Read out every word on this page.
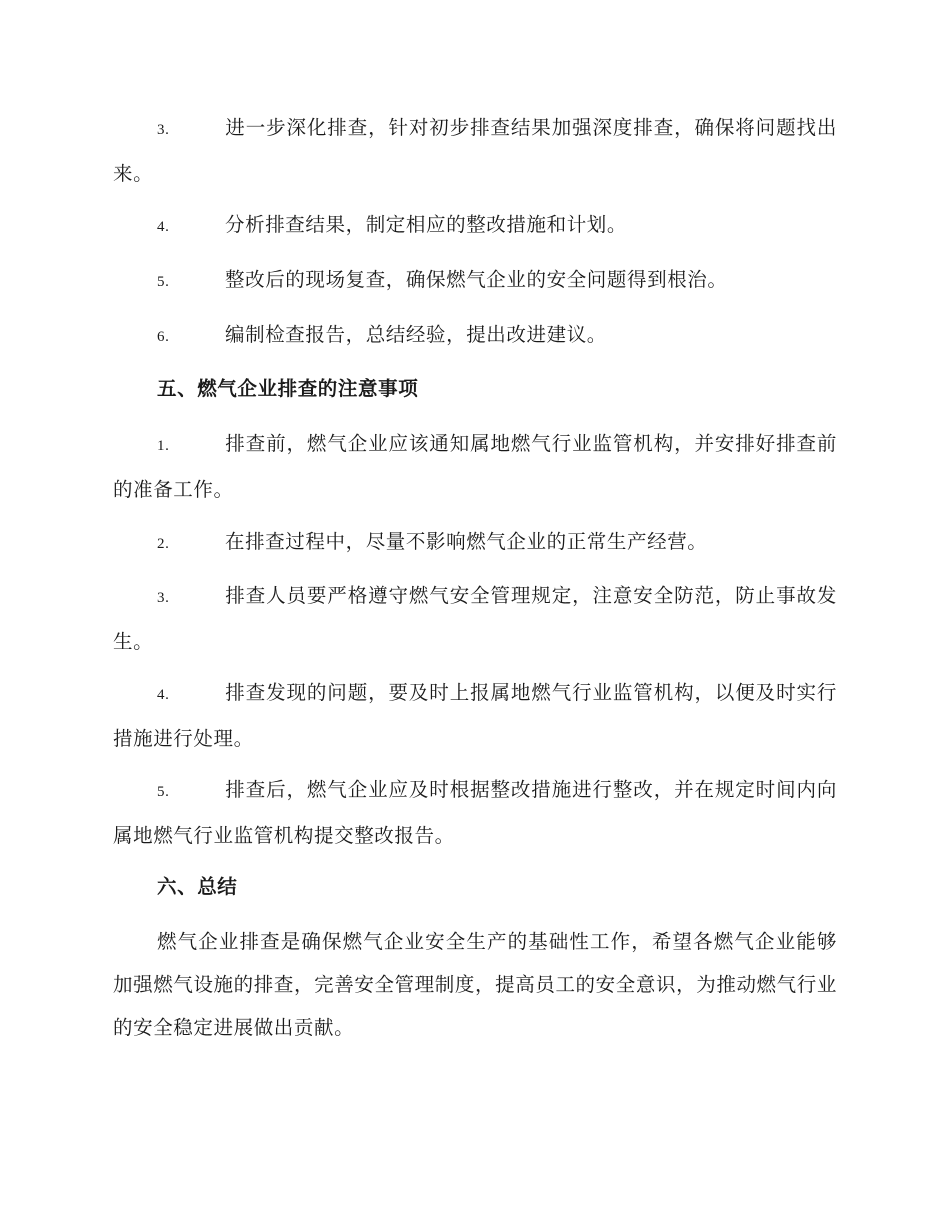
3.	进一步深化排查，针对初步排查结果加强深度排查，确保将问题找出来。
4.	分析排查结果，制定相应的整改措施和计划。
5.	整改后的现场复查，确保燃气企业的安全问题得到根治。
6.	编制检查报告，总结经验，提出改进建议。
五、燃气企业排查的注意事项
1.	排查前，燃气企业应该通知属地燃气行业监管机构，并安排好排查前的准备工作。
2.	在排查过程中，尽量不影响燃气企业的正常生产经营。
3.	排查人员要严格遵守燃气安全管理规定，注意安全防范，防止事故发生。
4.	排查发现的问题，要及时上报属地燃气行业监管机构，以便及时实行措施进行处理。
5.	排查后，燃气企业应及时根据整改措施进行整改，并在规定时间内向属地燃气行业监管机构提交整改报告。
六、总结
燃气企业排查是确保燃气企业安全生产的基础性工作，希望各燃气企业能够加强燃气设施的排查，完善安全管理制度，提高员工的安全意识，为推动燃气行业的安全稳定进展做出贡献。
